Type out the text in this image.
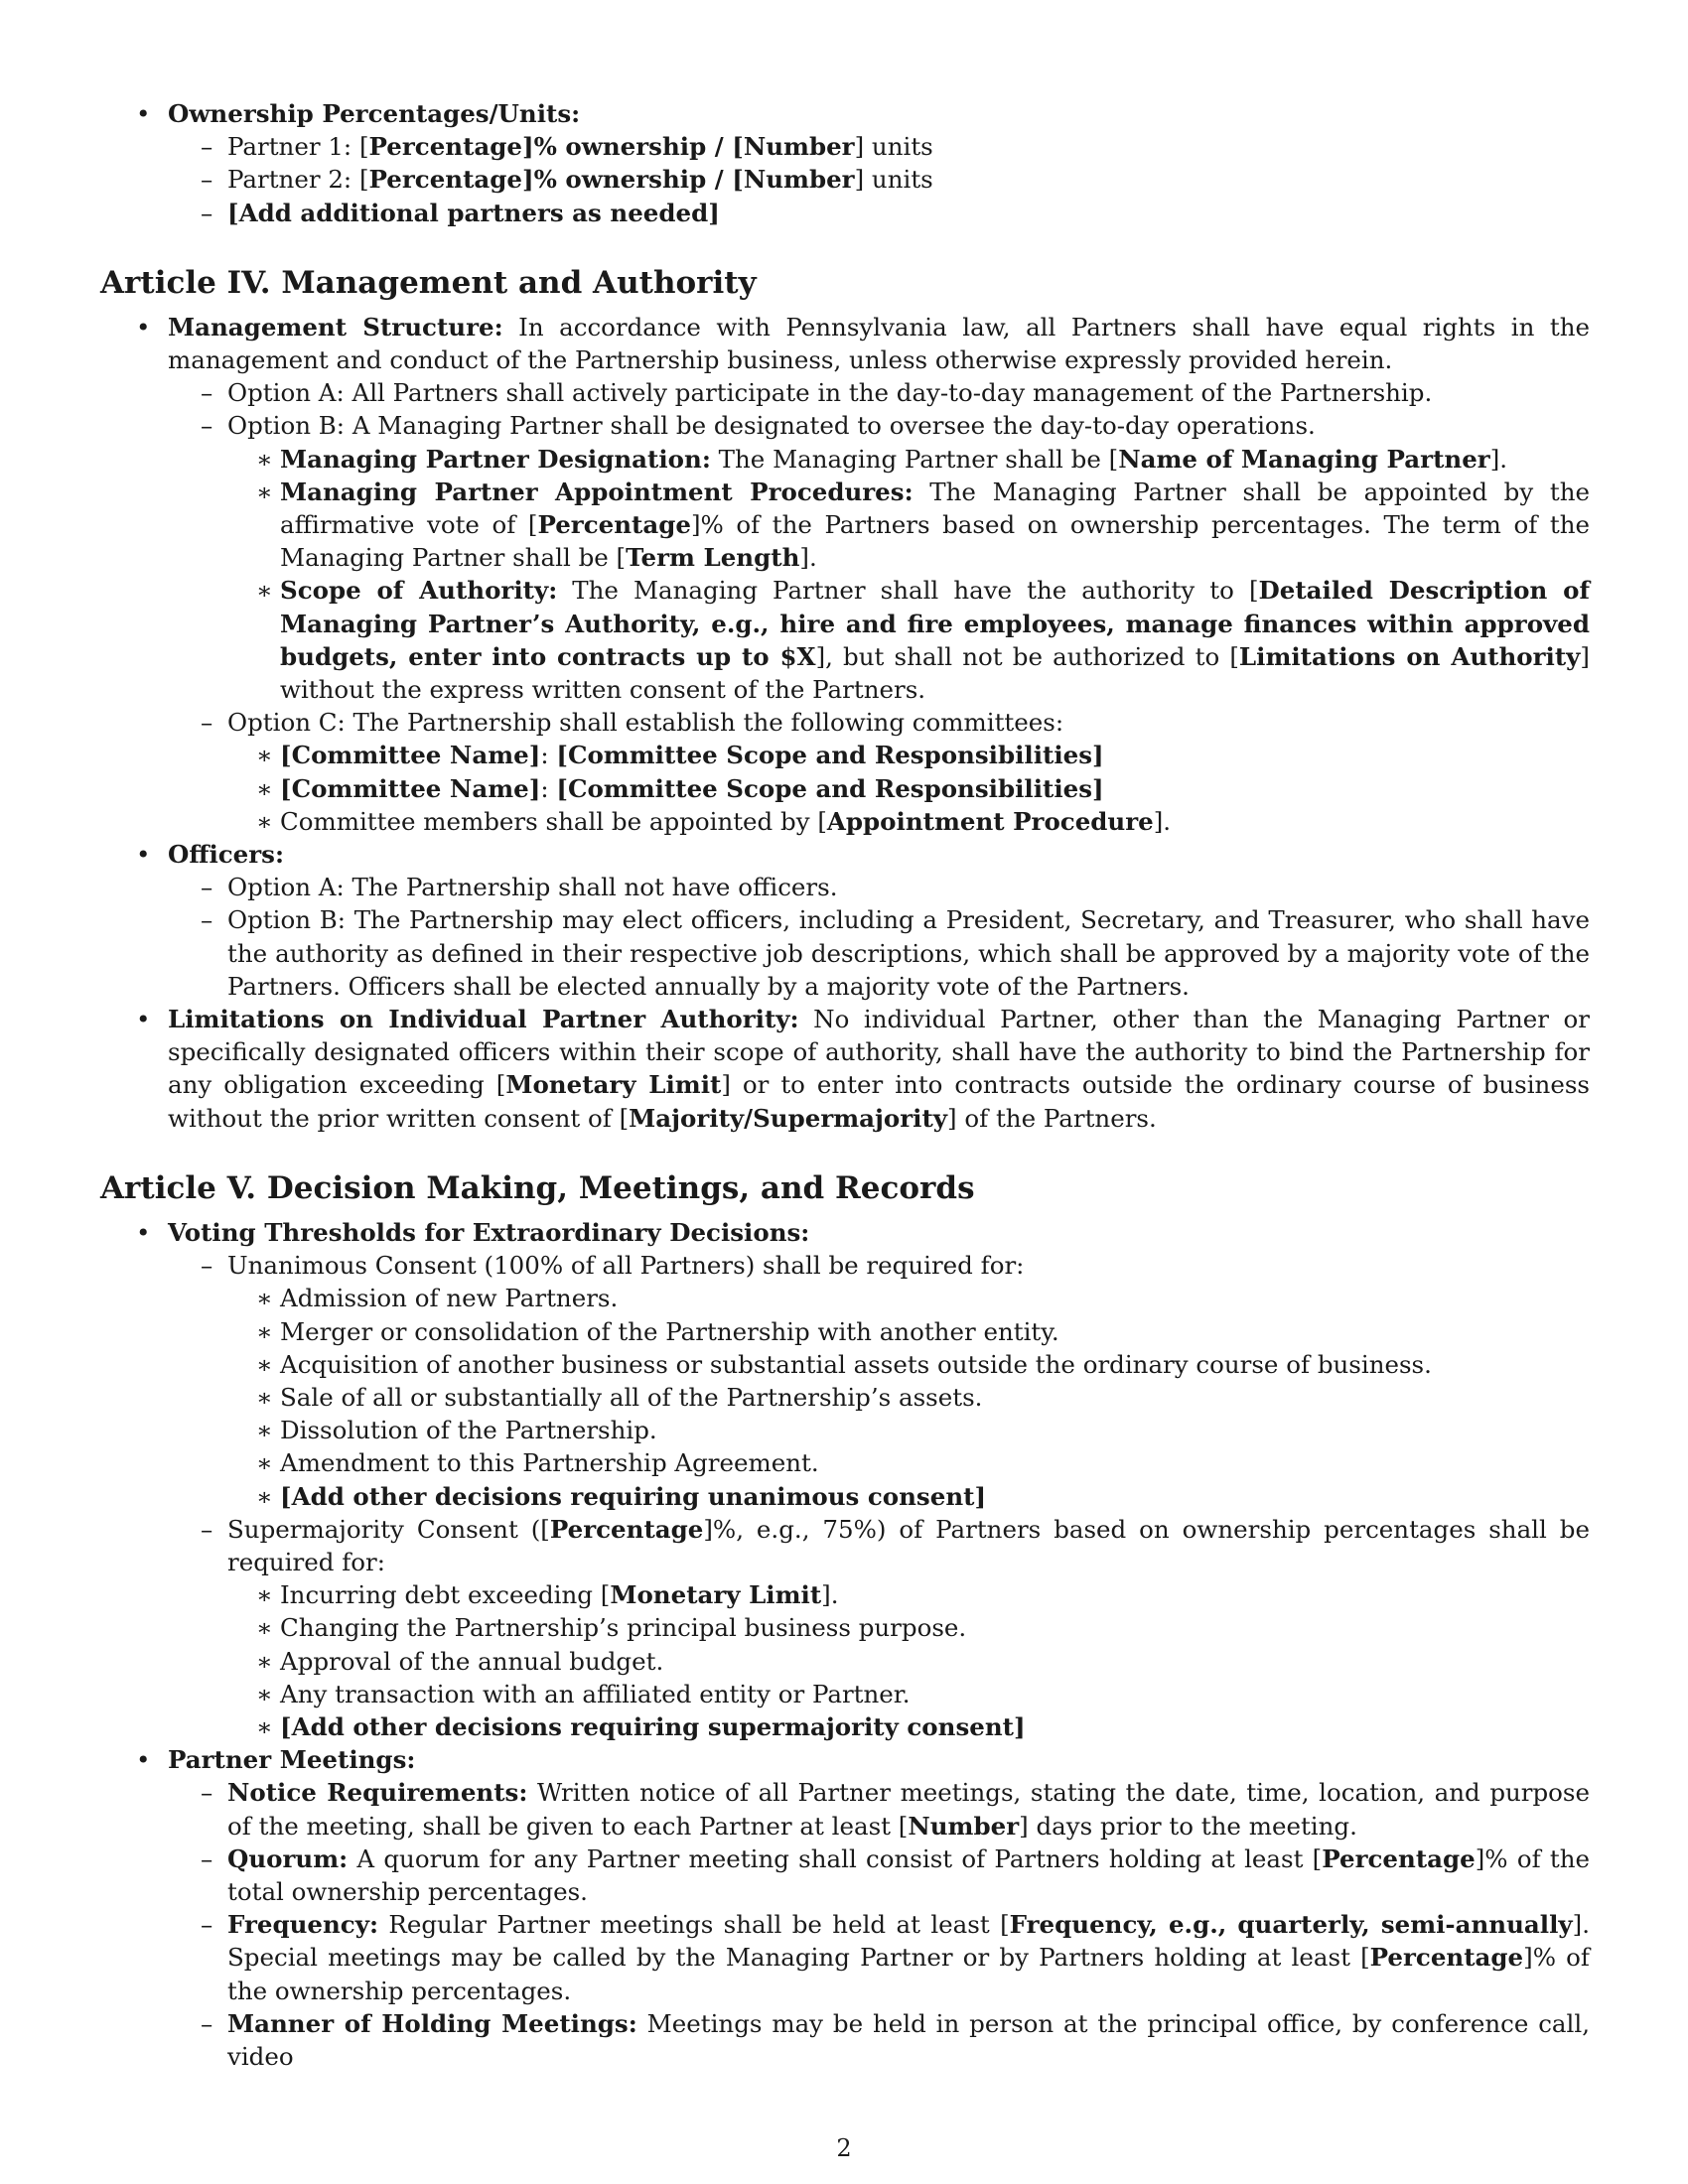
• Ownership Percentages/Units:
– Partner 1: [Percentage]% ownership / [Number] units
– Partner 2: [Percentage]% ownership / [Number] units
– [Add additional partners as needed]
Article IV. Management and Authority
• Management Structure: In accordance with Pennsylvania law, all Partners shall have equal rights in the management and conduct of the Partnership business, unless otherwise expressly provided herein.
– Option A: All Partners shall actively participate in the day-to-day management of the Partnership.
– Option B: A Managing Partner shall be designated to oversee the day-to-day operations.
∗ Managing Partner Designation: The Managing Partner shall be [Name of Managing Partner].
∗ Managing Partner Appointment Procedures: The Managing Partner shall be appointed by the affirmative vote of [Percentage]% of the Partners based on ownership percentages. The term of the Managing Partner shall be [Term Length].
∗ Scope of Authority: The Managing Partner shall have the authority to [Detailed Description of Managing Partner’s Authority, e.g., hire and fire employees, manage finances within approved budgets, enter into contracts up to $X], but shall not be authorized to [Limitations on Authority] without the express written consent of the Partners.
– Option C: The Partnership shall establish the following committees:
∗ [Committee Name]: [Committee Scope and Responsibilities]
∗ [Committee Name]: [Committee Scope and Responsibilities]
∗ Committee members shall be appointed by [Appointment Procedure].
• Officers:
– Option A: The Partnership shall not have officers.
– Option B: The Partnership may elect officers, including a President, Secretary, and Treasurer, who shall have the authority as defined in their respective job descriptions, which shall be approved by a majority vote of the Partners. Officers shall be elected annually by a majority vote of the Partners.
• Limitations on Individual Partner Authority: No individual Partner, other than the Managing Partner or specifically designated officers within their scope of authority, shall have the authority to bind the Partnership for any obligation exceeding [Monetary Limit] or to enter into contracts outside the ordinary course of business without the prior written consent of [Majority/Supermajority] of the Partners.
Article V. Decision Making, Meetings, and Records
• Voting Thresholds for Extraordinary Decisions:
– Unanimous Consent (100% of all Partners) shall be required for:
∗ Admission of new Partners.
∗ Merger or consolidation of the Partnership with another entity.
∗ Acquisition of another business or substantial assets outside the ordinary course of business.
∗ Sale of all or substantially all of the Partnership’s assets.
∗ Dissolution of the Partnership.
∗ Amendment to this Partnership Agreement.
∗ [Add other decisions requiring unanimous consent]
– Supermajority Consent ([Percentage]%, e.g., 75%) of Partners based on ownership percentages shall be required for:
∗ Incurring debt exceeding [Monetary Limit].
∗ Changing the Partnership’s principal business purpose.
∗ Approval of the annual budget.
∗ Any transaction with an affiliated entity or Partner.
∗ [Add other decisions requiring supermajority consent]
• Partner Meetings:
– Notice Requirements: Written notice of all Partner meetings, stating the date, time, location, and purpose of the meeting, shall be given to each Partner at least [Number] days prior to the meeting.
– Quorum: A quorum for any Partner meeting shall consist of Partners holding at least [Percentage]% of the total ownership percentages.
– Frequency: Regular Partner meetings shall be held at least [Frequency, e.g., quarterly, semi-annually]. Special meetings may be called by the Managing Partner or by Partners holding at least [Percentage]% of the ownership percentages.
– Manner of Holding Meetings: Meetings may be held in person at the principal office, by conference call, video
2
